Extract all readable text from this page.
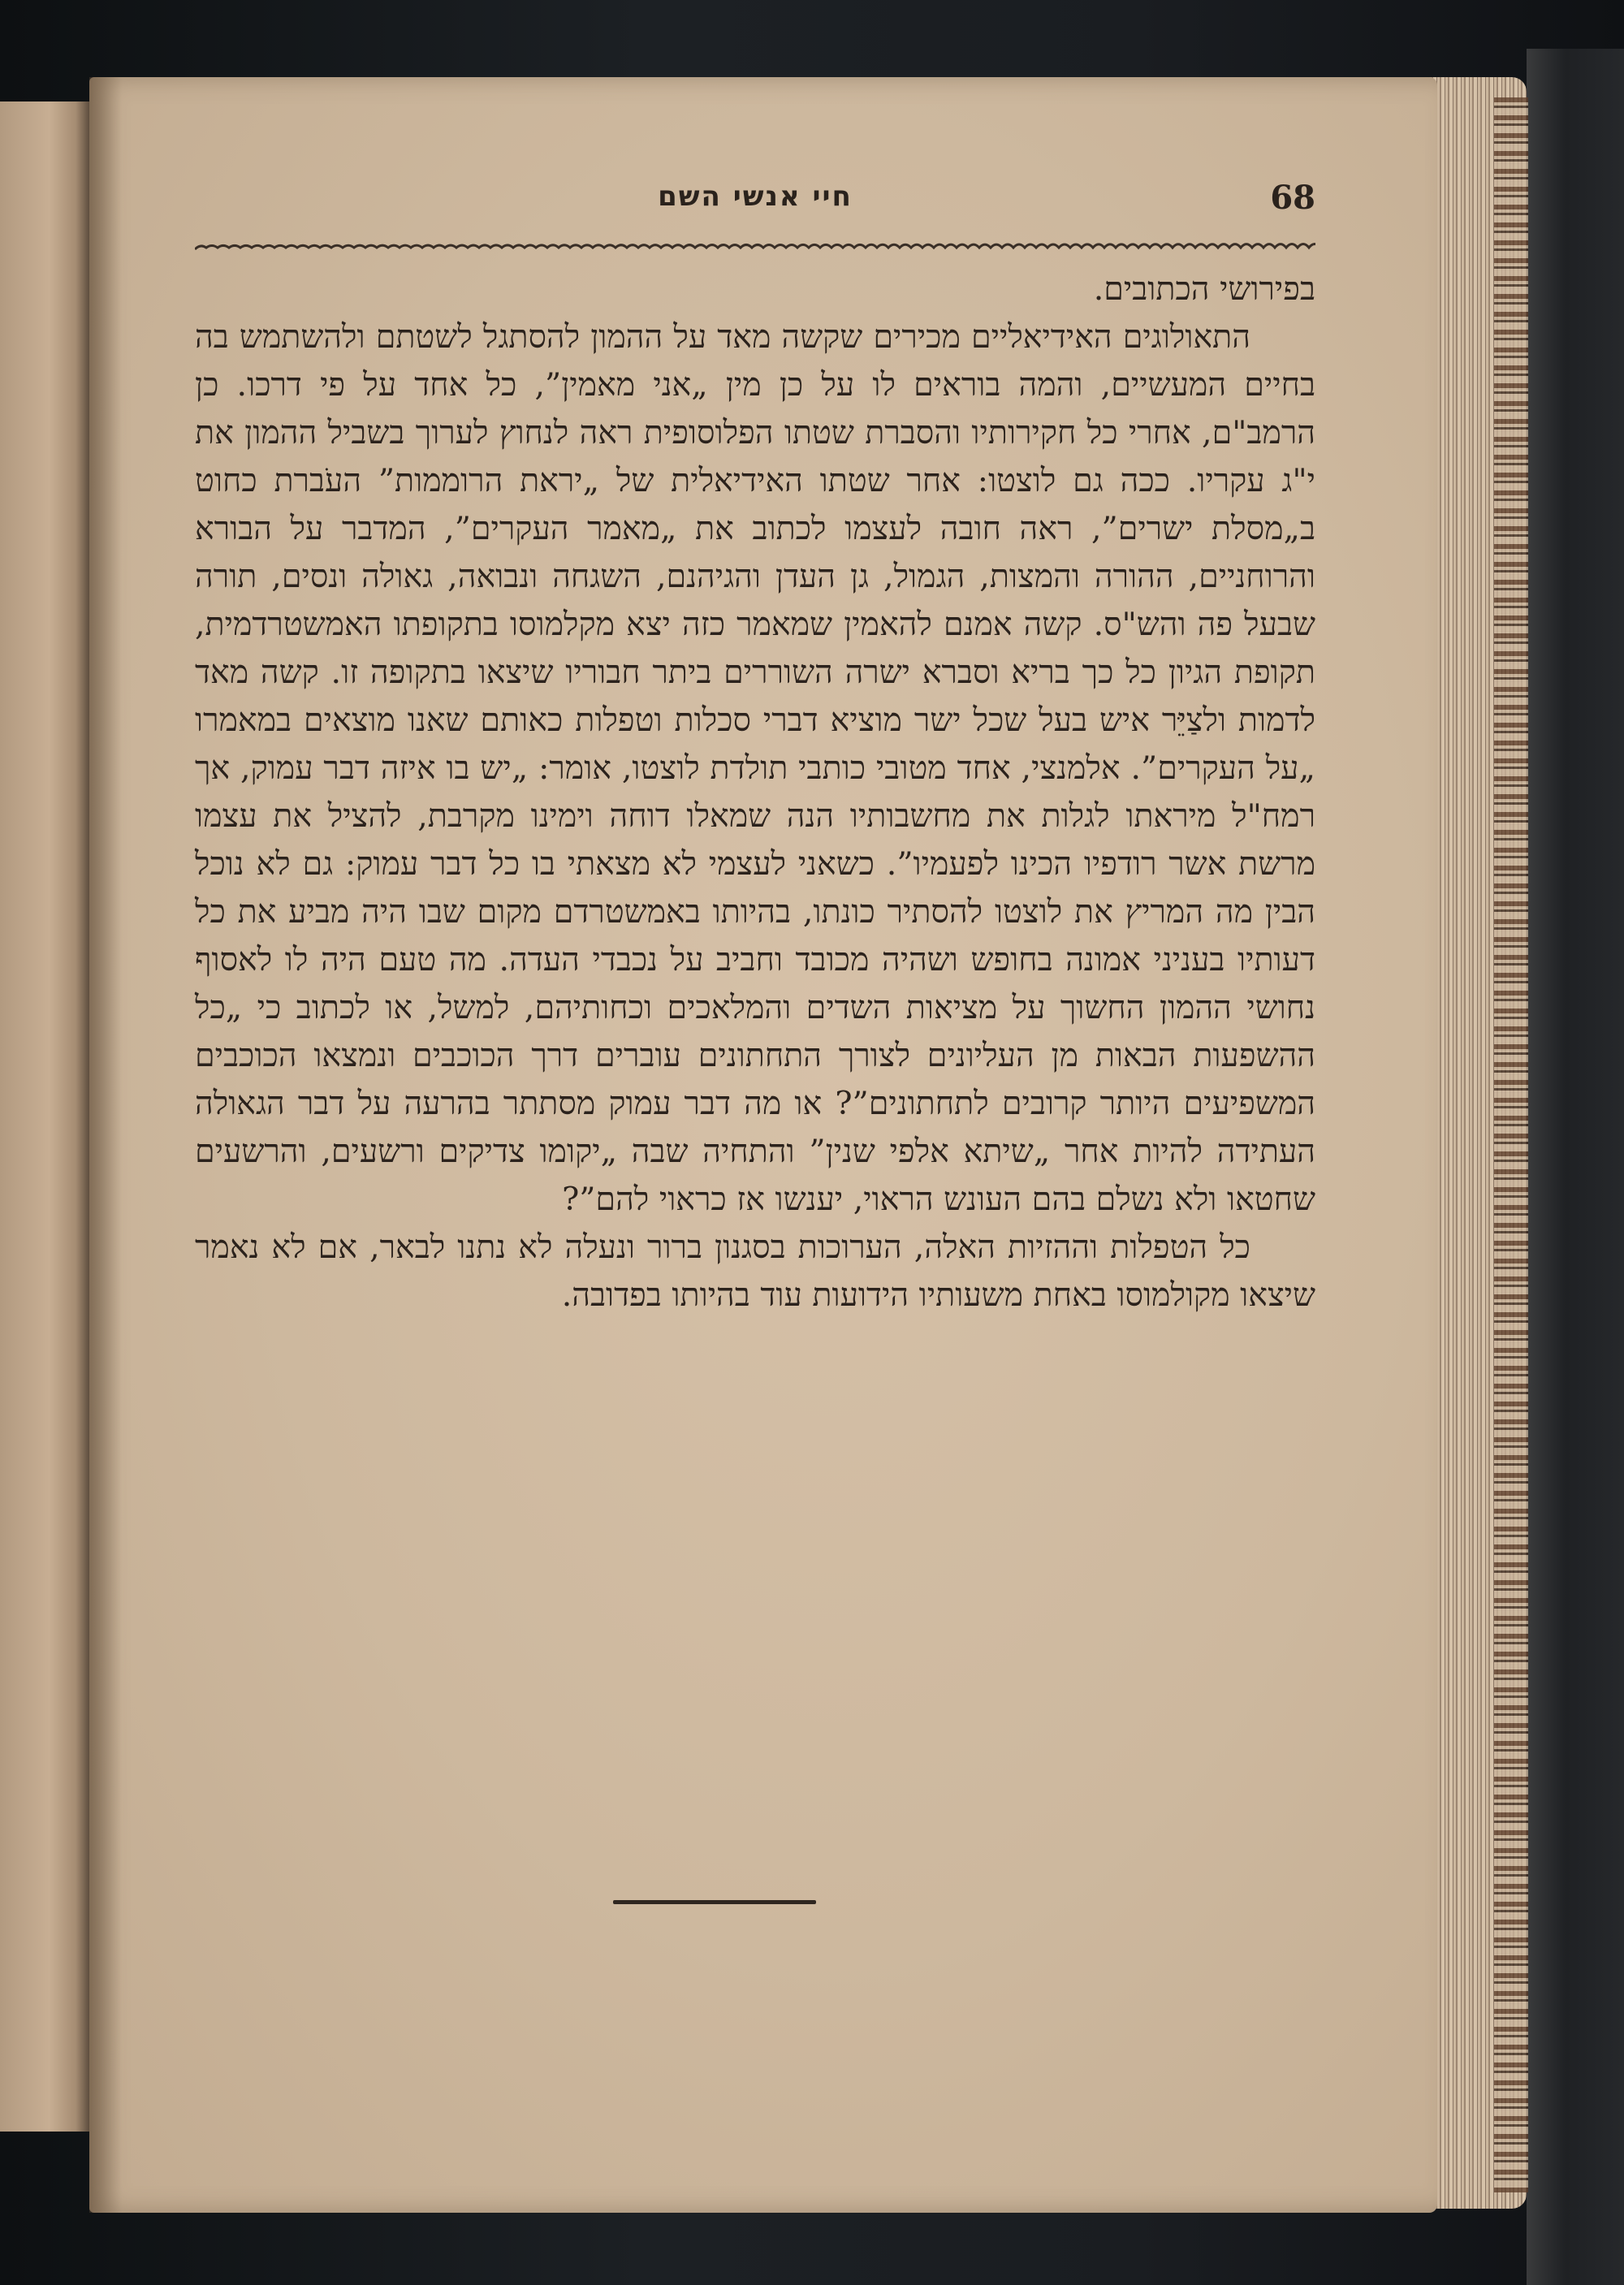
חיי אנשי השם	68

בפירושי הכתובים.

התאולוגים האידיאליים מכירים שקשה מאד על ההמון להסתגל לשטתם ולהשתמש בה בחיים המעשיים, והמה בוראים לו על כן מין „אני מאמין”, כל אחד על פי דרכו. כן הרמב"ם, אחרי כל חקירותיו והסברת שטתו הפלוסופית ראה לנחוץ לערוך בשביל ההמון את י"ג עקריו. ככה גם לוצטו: אחר שטתו האידיאלית של „יראת הרוממות” העֹברת כחוט ב„מסלת ישרים”, ראה חובה לעצמו לכתוב את „מאמר העקרים”, המדבר על הבורא והרוחניים, ההורה והמצות, הגמול, גן העדן והגיהנם, השגחה ונבואה, גאולה ונסים, תורה שבעל פה והש"ס. קשה אמנם להאמין שמאמר כזה יצא מקלמוסו בתקופתו האמשטרדמית, תקופת הגיון כל כך בריא וסברא ישרה השוררים ביתר חבוריו שיצאו בתקופה זו. קשה מאד לדמות ולצַיֵּר איש בעל שכל ישר מוציא דברי סכלות וטפלות כאותם שאנו מוצאים במאמרו „על העקרים”. אלמנצי, אחד מטובי כותבי תולדת לוצטו, אומר: „יש בו איזה דבר עמוק, אך רמח"ל מיראתו לגלות את מחשבותיו הנה שמאלו דוחה וימינו מקרבת, להציל את עצמו מרשת אשר רודפיו הכינו לפעמיו”. כשאני לעצמי לא מצאתי בו כל דבר עמוק: גם לא נוכל הבין מה המריץ את לוצטו להסתיר כונתו, בהיותו באמשטרדם מקום שבו היה מביע את כל דעותיו בעניני אמונה בחופש ושהיה מכובד וחביב על נכבדי העדה. מה טעם היה לו לאסוף נחושי ההמון החשוך על מציאות השדים והמלאכים וכחותיהם, למשל, או לכתוב כי „כל ההשפעות הבאות מן העליונים לצורך התחתונים עוברים דרך הכוכבים ונמצאו הכוכבים המשפיעים היותר קרובים לתחתונים”? או מה דבר עמוק מסתתר בהרעה על דבר הגאולה העתידה להיות אחר „שיתא אלפי שנין” והתחיה שבה „יקומו צדיקים ורשעים, והרשעים שחטאו ולא נשלם בהם העונש הראוי, יענשו אז כראוי להם”?

כל הטפלות וההזיות האלה, הערוכות בסגנון ברור ונעלה לא נתנו לבאר, אם לא נאמר שיצאו מקולמוסו באחת משעותיו הידועות עוד בהיותו בפדובה.
